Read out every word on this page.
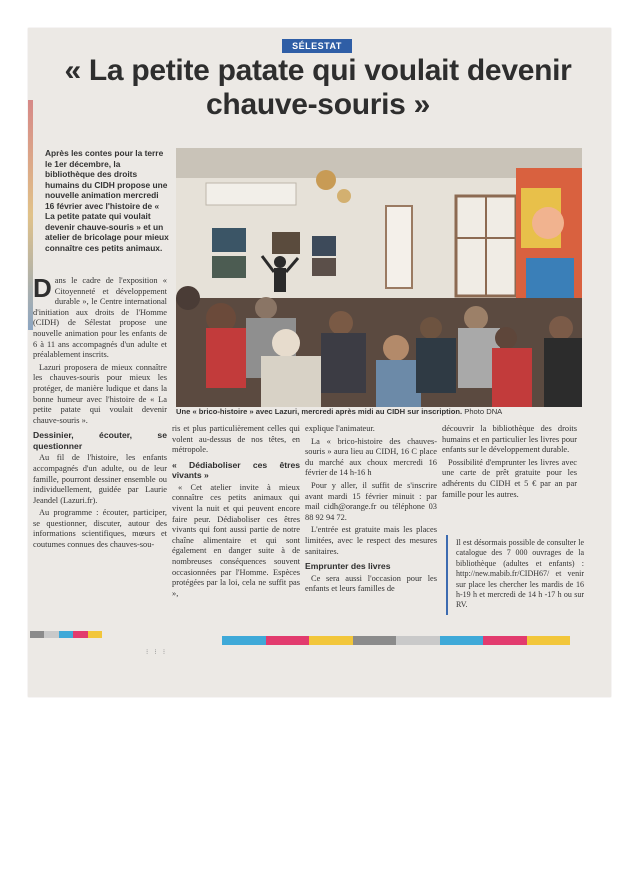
SÉLESTAT
« La petite patate qui voulait devenir chauve-souris »
Après les contes pour la terre le 1er décembre, la bibliothèque des droits humains du CIDH propose une nouvelle animation mercredi 16 février avec l'histoire de « La petite patate qui voulait devenir chauve-souris » et un atelier de bricolage pour mieux connaître ces petits animaux.

Dans le cadre de l'exposition « Citoyenneté et développement durable », le Centre international d'initiation aux droits de l'Homme (CIDH) de Sélestat propose une nouvelle animation pour les enfants de 6 à 11 ans accompagnés d'un adulte et préalablement inscrits.

Lazuri proposera de mieux connaître les chauves-souris pour mieux les protéger, de manière ludique et dans la bonne humeur avec l'histoire de « La petite patate qui voulait devenir chauve-souris ».

Dessinier, écouter, se questionner

Au fil de l'histoire, les enfants accompagnés d'un adulte, ou de leur famille, pourront dessiner ensemble ou individuellement, guidée par Laurie Jeandel (Lazuri.fr).

Au programme : écouter, participer, se questionner, discuter, autour des informations scientifiques, mœurs et coutumes connues des chauves-sou-

Une « brico-histoire » avec Lazuri, mercredi après midi au CIDH sur inscription. Photo DNA

ris et plus particulièrement celles qui volent au-dessus de nos têtes, en métropole.

« Dédiaboliser ces êtres vivants »

« Cet atelier invite à mieux connaître ces petits animaux qui vivent la nuit et qui peuvent encore faire peur. Dédiaboliser ces êtres vivants qui font aussi partie de notre chaîne alimentaire et qui sont également en danger suite à de nombreuses conséquences souvent occasionnées par l'Homme. Espèces protégées par la loi, cela ne suffit pas »,

explique l'animateur.

La « brico-histoire des chauves-souris » aura lieu au CIDH, 16 C place du marché aux choux mercredi 16 février de 14 h-16 h

Pour y aller, il suffit de s'inscrire avant mardi 15 février minuit : par mail cidh@orange.fr ou téléphone 03 88 92 94 72.

L'entrée est gratuite mais les places limitées, avec le respect des mesures sanitaires.

Emprunter des livres

Ce sera aussi l'occasion pour les enfants et leurs familles de

découvrir la bibliothèque des droits humains et en particulier les livres pour enfants sur le développement durable.

Possibilité d'emprunter les livres avec une carte de prêt gratuite pour les adhérents du CIDH et 5 € par an par famille pour les autres.

Il est désormais possible de consulter le catalogue des 7 000 ouvrages de la bibliothèque (adultes et enfants) : http://new.mabib.fr/CIDH67/ et venir sur place les chercher les mardis de 16 h-19 h et mercredi de 14 h -17 h ou sur RV.
⁝ ⁝ ⁝
